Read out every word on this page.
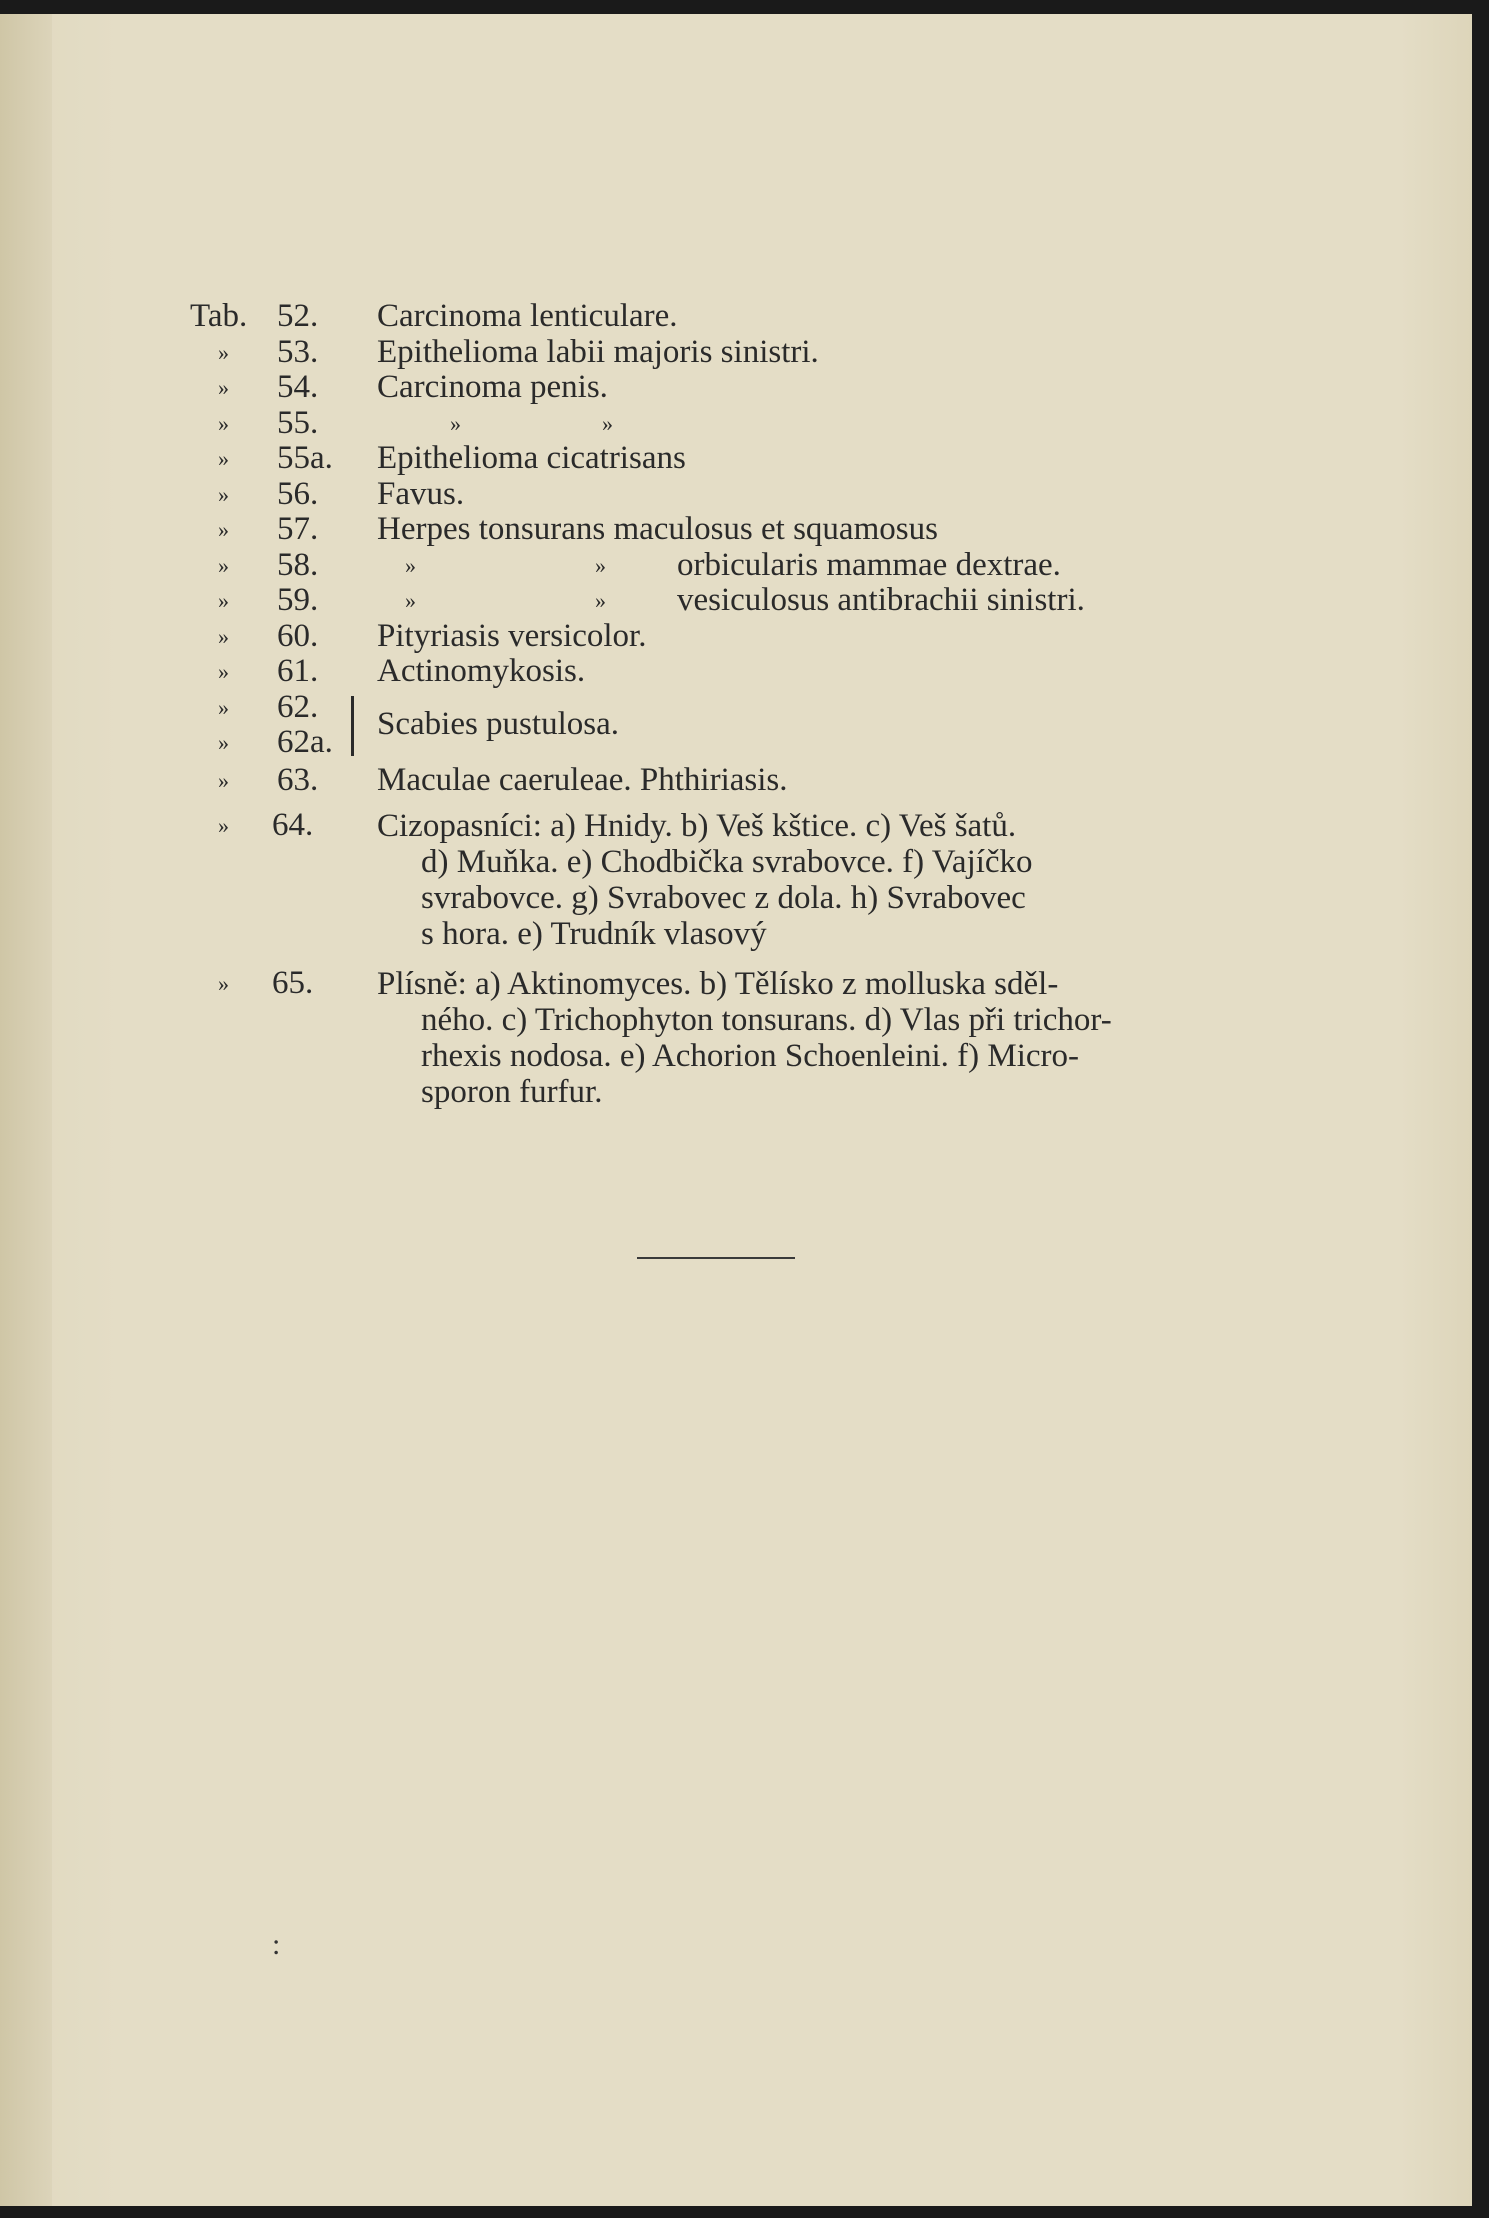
Tab. 52. Carcinoma lenticulare.
» 53. Epithelioma labii majoris sinistri.
» 54. Carcinoma penis.
» 55.	»	»
» 55a. Epithelioma cicatrisans
» 56. Favus.
» 57. Herpes tonsurans maculosus et squamosus
» 58.	»	» orbicularis mammae dextrae.
» 59.	»	» vesiculosus antibrachii sinistri.
» 60. Pityriasis versicolor.
» 61. Actinomykosis.
» 62.
» 62a. Scabies pustulosa.
» 63. Maculae caeruleae. Phthiriasis.
» 64. Cizopasníci: a) Hnidy. b) Veš kštice. c) Veš šatů.
d) Muňka. e) Chodbička svrabovce. f) Vajíčko
svrabovce. g) Svrabovec z dola. h) Svrabovec
s hora. e) Trudník vlasový
» 65. Plísně: a) Aktinomyces. b) Tělísko z molluska sděl-
ného. c) Trichophyton tonsurans. d) Vlas při trichor-
rhexis nodosa. e) Achorion Schoenleini. f) Micro-
sporon furfur.
:
